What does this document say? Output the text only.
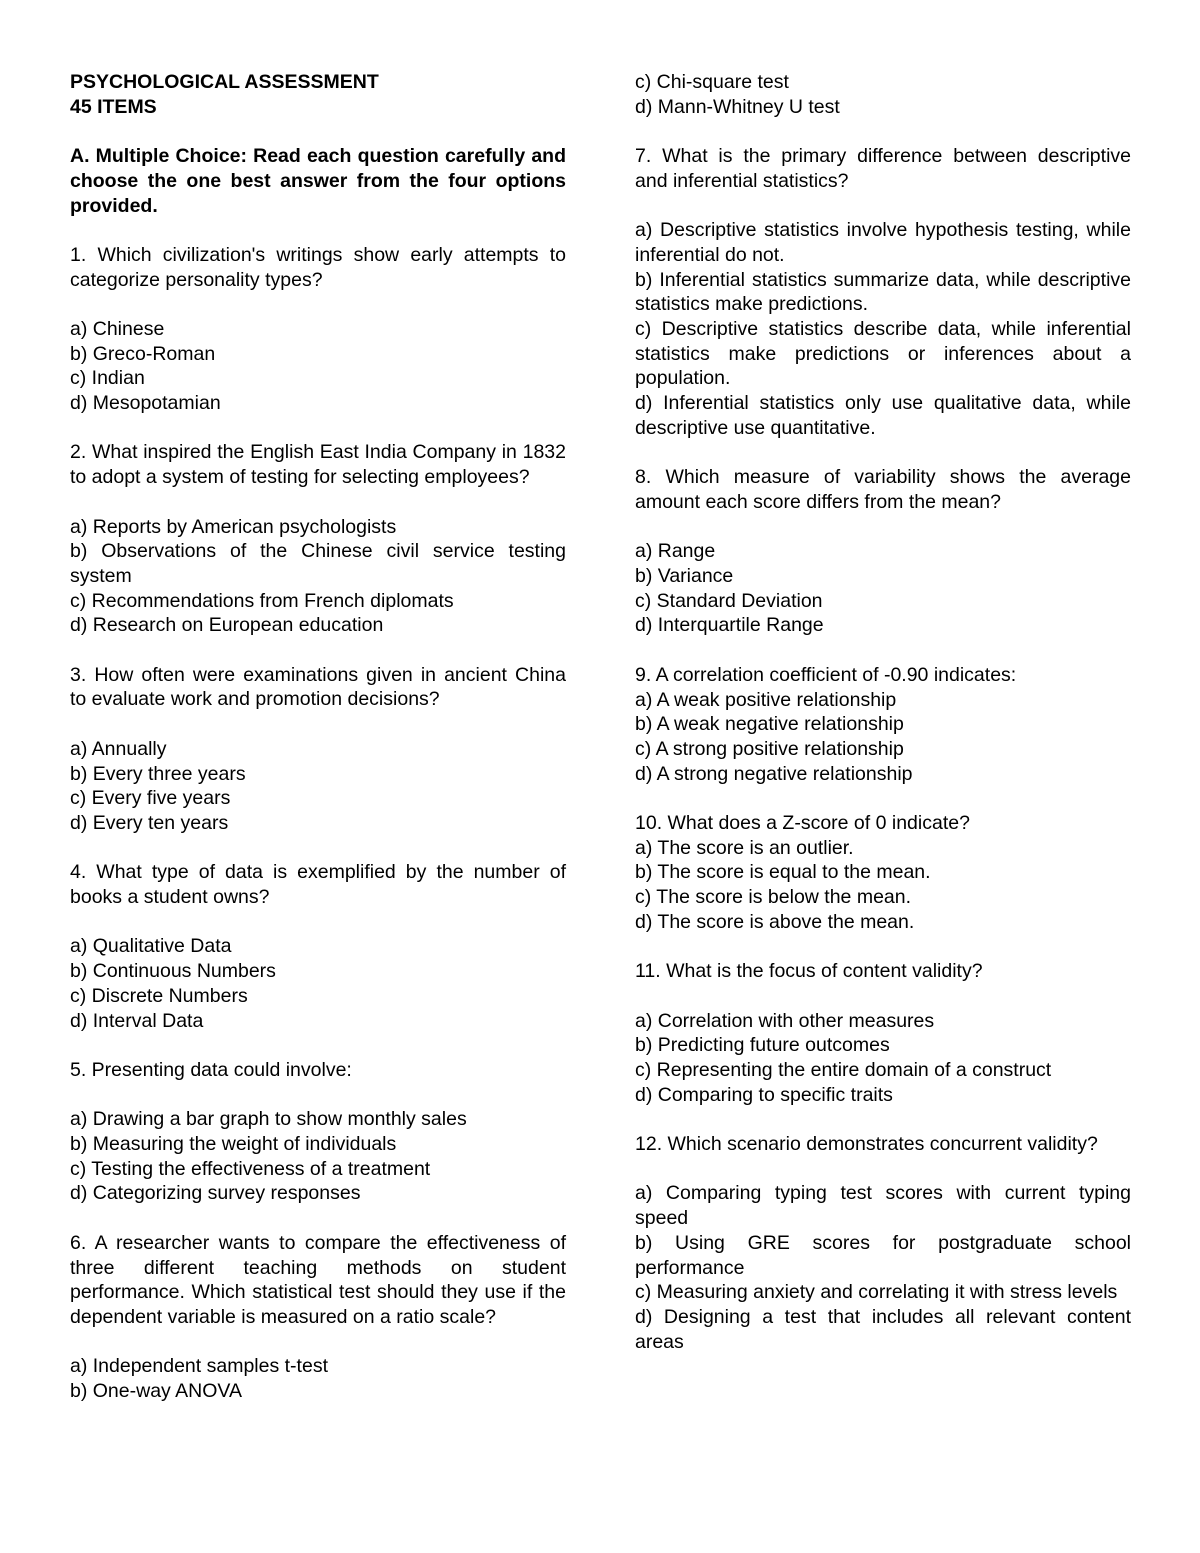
PSYCHOLOGICAL ASSESSMENT

45 ITEMS

A. Multiple Choice: Read each question carefully and choose the one best answer from the four options provided.

1. Which civilization's writings show early attempts to categorize personality types?

a) Chinese

b) Greco-Roman

c) Indian

d) Mesopotamian

2. What inspired the English East India Company in 1832 to adopt a system of testing for selecting employees?

a) Reports by American psychologists

b) Observations of the Chinese civil service testing system

c) Recommendations from French diplomats

d) Research on European education

3. How often were examinations given in ancient China to evaluate work and promotion decisions?

a) Annually

b) Every three years

c) Every five years

d) Every ten years

4. What type of data is exemplified by the number of books a student owns?

a) Qualitative Data

b) Continuous Numbers

c) Discrete Numbers

d) Interval Data

5. Presenting data could involve:

a) Drawing a bar graph to show monthly sales

b) Measuring the weight of individuals

c) Testing the effectiveness of a treatment

d) Categorizing survey responses

6. A researcher wants to compare the effectiveness of three different teaching methods on student performance. Which statistical test should they use if the dependent variable is measured on a ratio scale?

a) Independent samples t-test

b) One-way ANOVA

c) Chi-square test

d) Mann-Whitney U test

7. What is the primary difference between descriptive and inferential statistics?

a) Descriptive statistics involve hypothesis testing, while inferential do not.

b) Inferential statistics summarize data, while descriptive statistics make predictions.

c) Descriptive statistics describe data, while inferential statistics make predictions or inferences about a population.

d) Inferential statistics only use qualitative data, while descriptive use quantitative.

8. Which measure of variability shows the average amount each score differs from the mean?

a) Range

b) Variance

c) Standard Deviation

d) Interquartile Range

9. A correlation coefficient of -0.90 indicates:

a) A weak positive relationship

b) A weak negative relationship

c) A strong positive relationship

d) A strong negative relationship

10. What does a Z-score of 0 indicate?

a) The score is an outlier.

b) The score is equal to the mean.

c) The score is below the mean.

d) The score is above the mean.

11. What is the focus of content validity?

a) Correlation with other measures

b) Predicting future outcomes

c) Representing the entire domain of a construct

d) Comparing to specific traits

12. Which scenario demonstrates concurrent validity?

a) Comparing typing test scores with current typing speed

b) Using GRE scores for postgraduate school performance

c) Measuring anxiety and correlating it with stress levels

d) Designing a test that includes all relevant content areas
